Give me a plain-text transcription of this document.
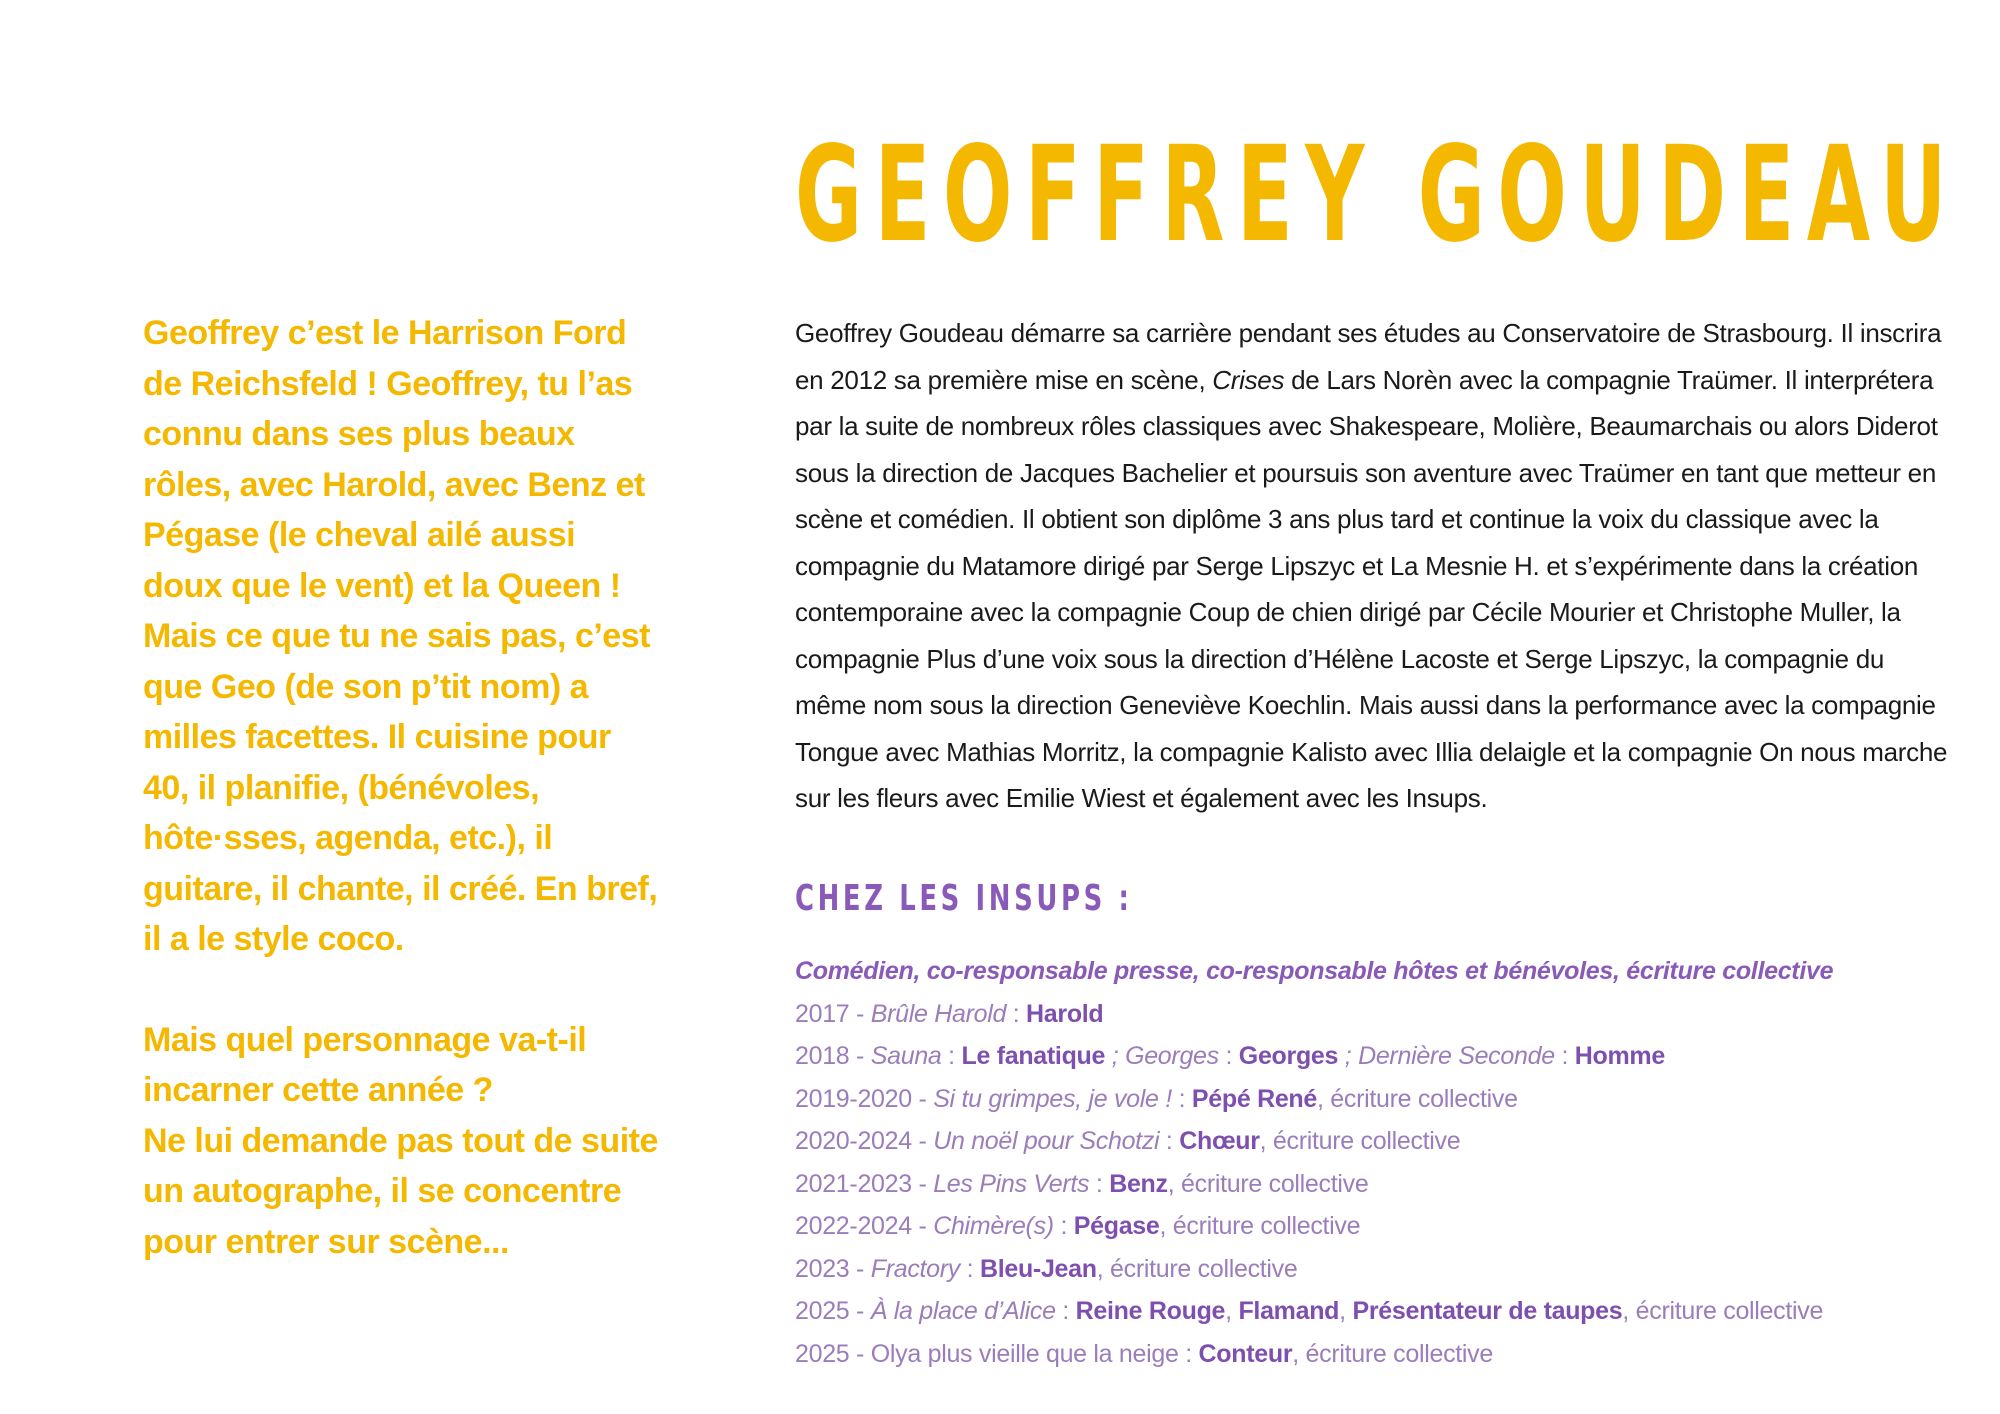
Geoffrey c’est le Harrison Ford de Reichsfeld ! Geoffrey, tu l’as connu dans ses plus beaux rôles, avec Harold, avec Benz et Pégase (le cheval ailé aussi doux que le vent) et la Queen ! Mais ce que tu ne sais pas, c’est que Geo (de son p’tit nom) a milles facettes. Il cuisine pour 40, il planifie, (bénévoles, hôte·sses, agenda, etc.), il guitare, il chante, il créé. En bref, il a le style coco.

Mais quel personnage va-t-il incarner cette année ?

Ne lui demande pas tout de suite un autographe, il se concentre pour entrer sur scène...

GEOFFREY GOUDEAU

Geoffrey Goudeau démarre sa carrière pendant ses études au Conservatoire de Strasbourg. Il inscrira en 2012 sa première mise en scène, Crises de Lars Norèn avec la compagnie Traümer. Il interprétera par la suite de nombreux rôles classiques avec Shakespeare, Molière, Beaumarchais ou alors Diderot sous la direction de Jacques Bachelier et poursuis son aventure avec Traümer en tant que metteur en scène et comédien. Il obtient son diplôme 3 ans plus tard et continue la voix du classique avec la compagnie du Matamore dirigé par Serge Lipszyc et La Mesnie H. et s’expérimente dans la création contemporaine avec la compagnie Coup de chien dirigé par Cécile Mourier et Christophe Muller, la compagnie Plus d’une voix sous la direction d’Hélène Lacoste et Serge Lipszyc, la compagnie du même nom sous la direction Geneviève Koechlin. Mais aussi dans la performance avec la compagnie Tongue avec Mathias Morritz, la compagnie Kalisto avec Illia delaigle et la compagnie On nous marche sur les fleurs avec Emilie Wiest et également avec les Insups.

CHEZ LES INSUPS :

Comédien, co-responsable presse, co-responsable hôtes et bénévoles, écriture collective

2017 - Brûle Harold : Harold
2018 - Sauna : Le fanatique ; Georges : Georges ; Dernière Seconde : Homme
2019-2020 - Si tu grimpes, je vole ! : Pépé René, écriture collective
2020-2024 - Un noël pour Schotzi : Chœur, écriture collective
2021-2023 - Les Pins Verts : Benz, écriture collective
2022-2024 - Chimère(s) : Pégase, écriture collective
2023 - Fractory : Bleu-Jean, écriture collective
2025 - À la place d’Alice : Reine Rouge, Flamand, Présentateur de taupes, écriture collective
2025 - Olya plus vieille que la neige : Conteur, écriture collective
